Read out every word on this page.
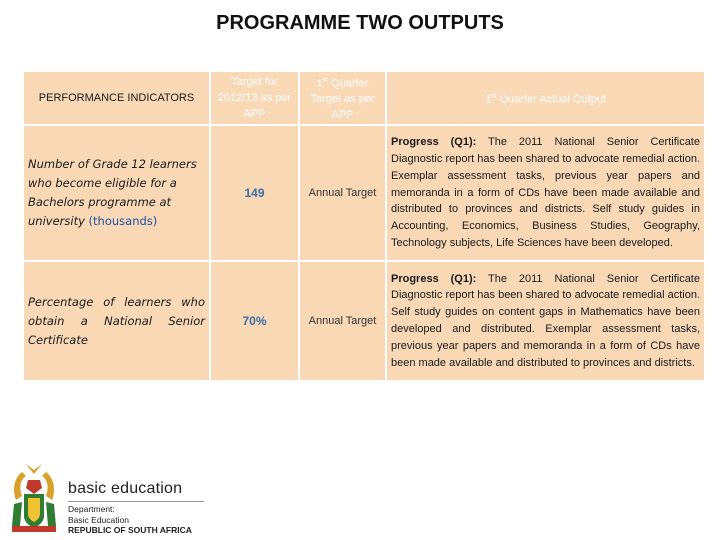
PROGRAMME TWO OUTPUTS
PERFORMANCE INDICATORS	Target for 2012/13 as per APP	1st Quarter Target as per APP	1st Quarter Actual Output
Number of Grade 12 learners who become eligible for a Bachelors programme at university (thousands)	149	Annual Target	Progress (Q1): The 2011 National Senior Certificate Diagnostic report has been shared to advocate remedial action. Exemplar assessment tasks, previous year papers and memoranda in a form of CDs have been made available and distributed to provinces and districts. Self study guides in Accounting, Economics, Business Studies, Geography, Technology subjects, Life Sciences have been developed.
Percentage of learners who obtain a National Senior Certificate	70%	Annual Target	Progress (Q1): The 2011 National Senior Certificate Diagnostic report has been shared to advocate remedial action. Self study guides on content gaps in Mathematics have been developed and distributed. Exemplar assessment tasks, previous year papers and memoranda in a form of CDs have been made available and distributed to provinces and districts.
basic education
Department:
Basic Education
REPUBLIC OF SOUTH AFRICA
